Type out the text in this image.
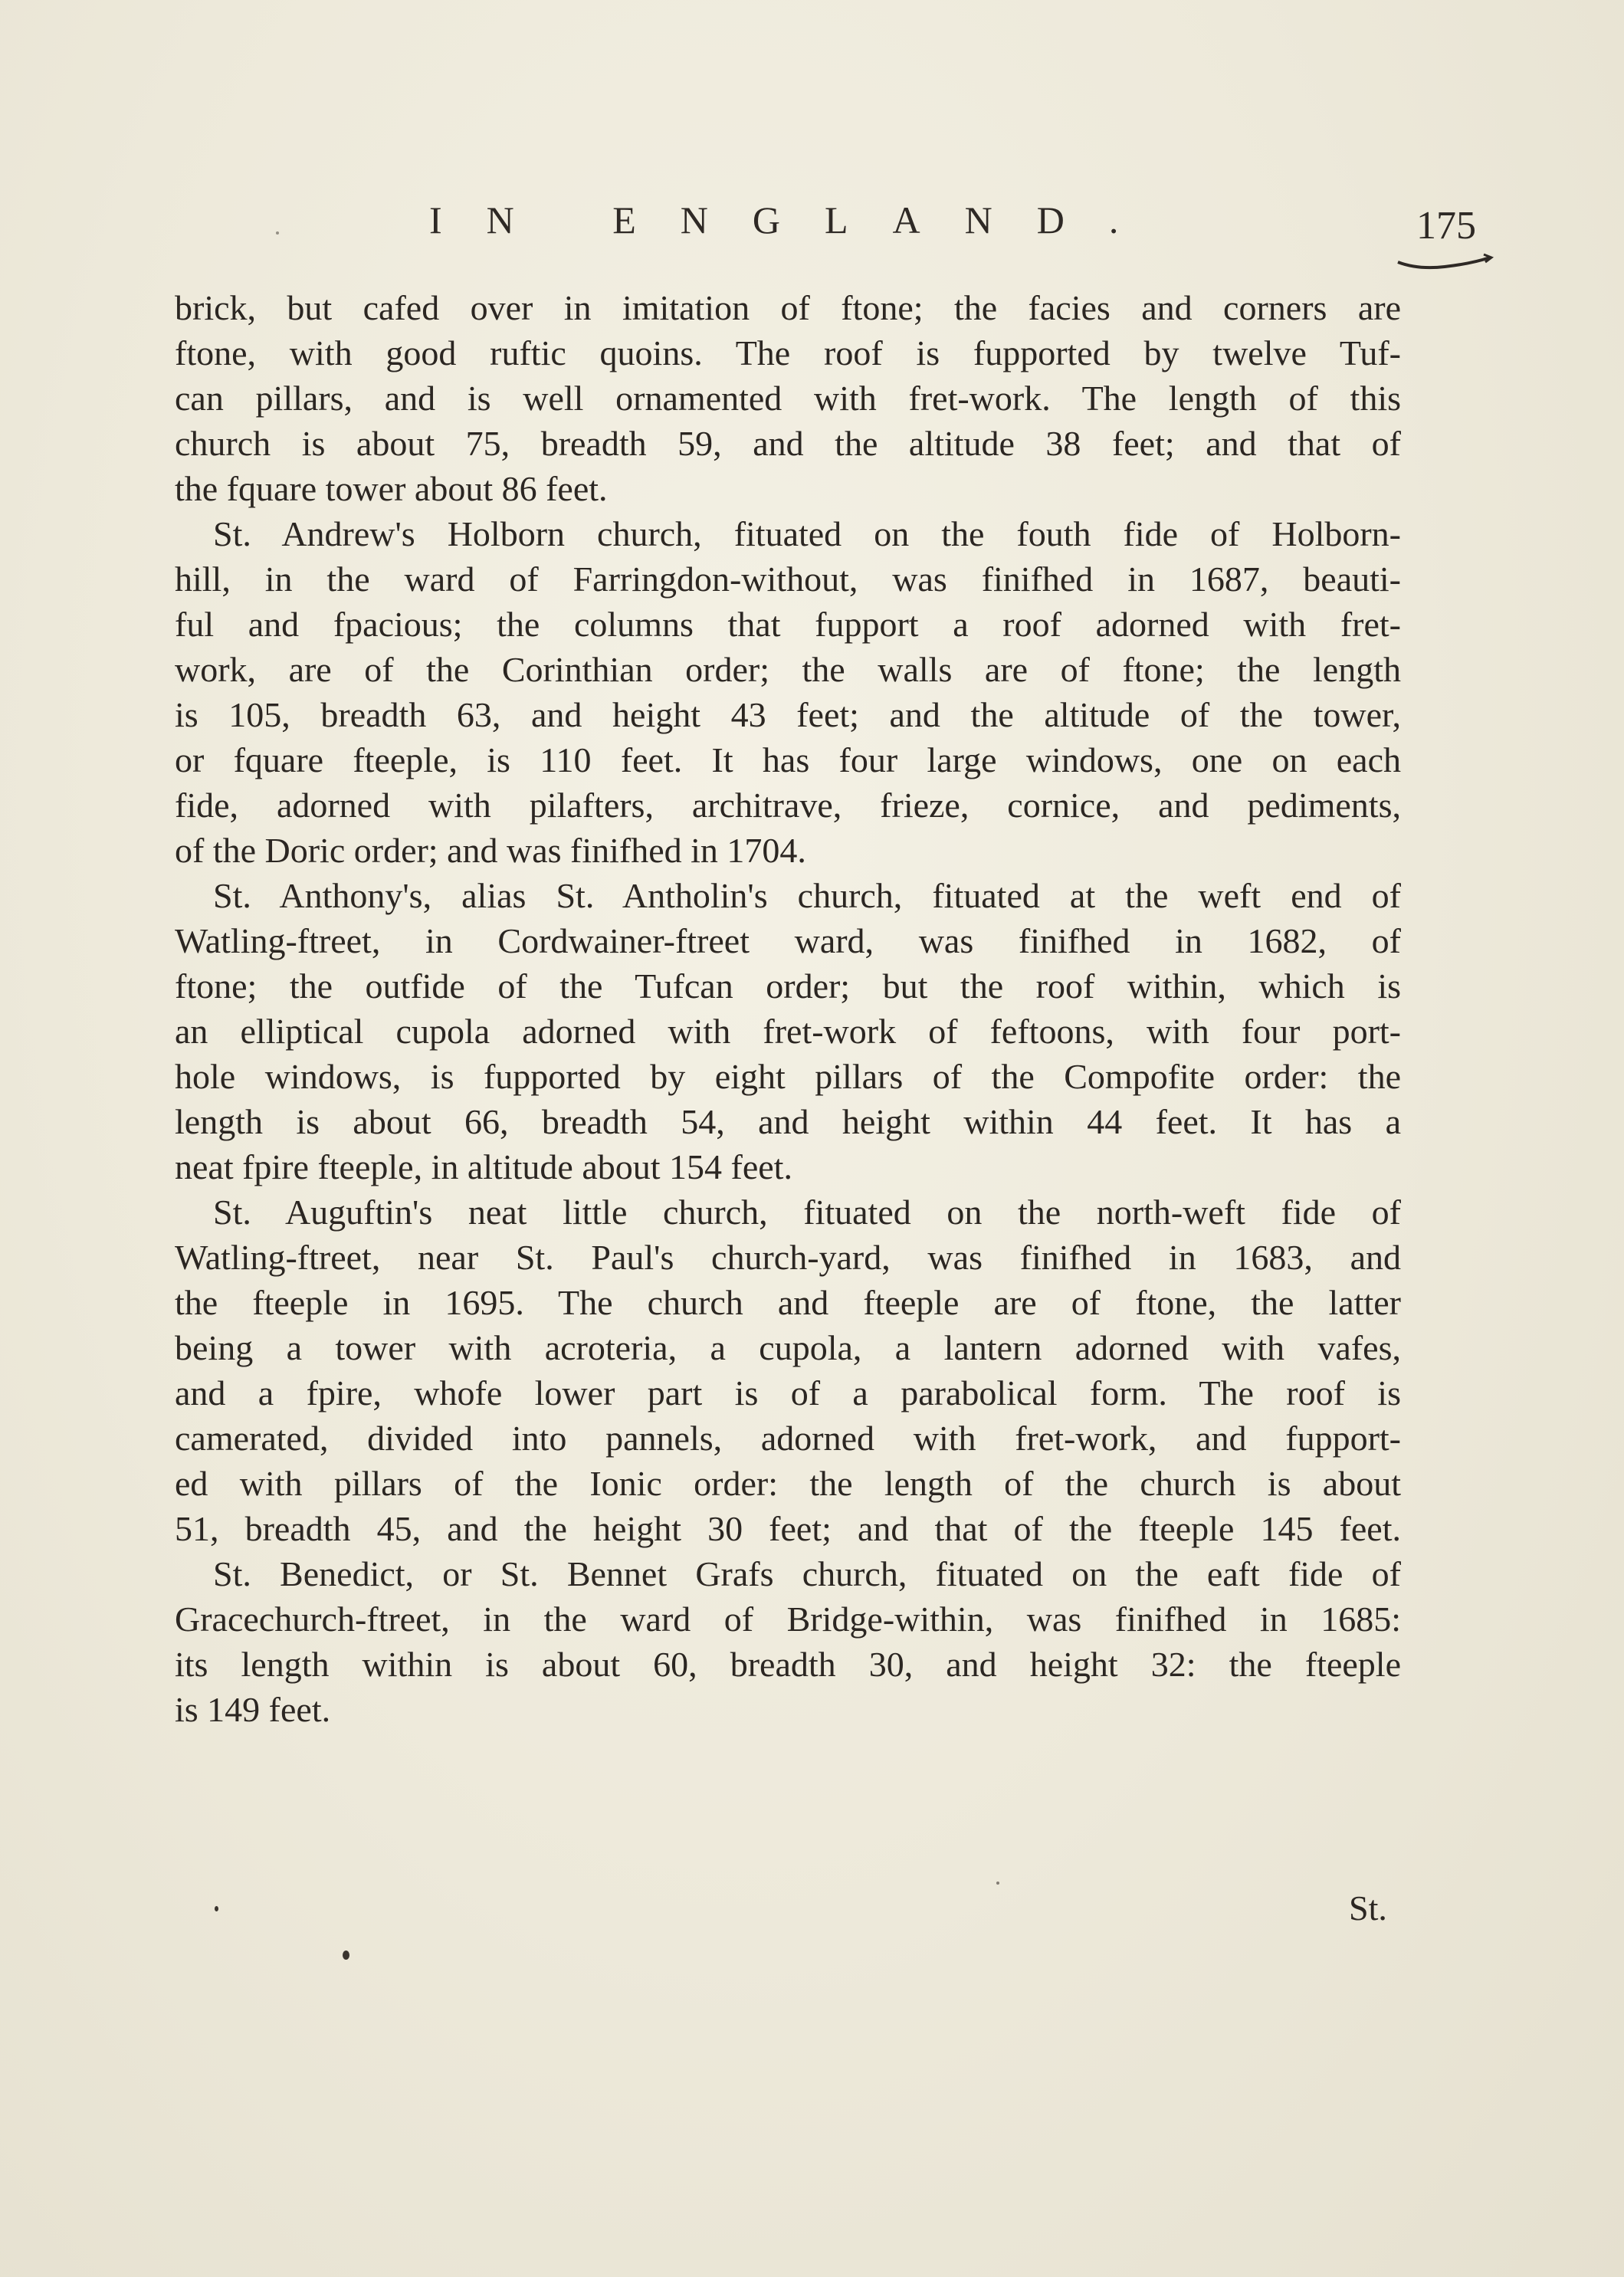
IN ENGLAND.	175
brick, but cafed over in imitation of ftone; the facies and corners are
ftone, with good ruftic quoins. The roof is fupported by twelve Tuf-
can pillars, and is well ornamented with fret-work. The length of this
church is about 75, breadth 59, and the altitude 38 feet; and that of
the fquare tower about 86 feet.
St. Andrew's Holborn church, fituated on the fouth fide of Holborn-
hill, in the ward of Farringdon-without, was finifhed in 1687, beauti-
ful and fpacious; the columns that fupport a roof adorned with fret-
work, are of the Corinthian order; the walls are of ftone; the length
is 105, breadth 63, and height 43 feet; and the altitude of the tower,
or fquare fteeple, is 110 feet. It has four large windows, one on each
fide, adorned with pilafters, architrave, frieze, cornice, and pediments,
of the Doric order; and was finifhed in 1704.
St. Anthony's, alias St. Antholin's church, fituated at the weft end of
Watling-ftreet, in Cordwainer-ftreet ward, was finifhed in 1682, of
ftone; the outfide of the Tufcan order; but the roof within, which is
an elliptical cupola adorned with fret-work of feftoons, with four port-
hole windows, is fupported by eight pillars of the Compofite order: the
length is about 66, breadth 54, and height within 44 feet. It has a
neat fpire fteeple, in altitude about 154 feet.
St. Auguftin's neat little church, fituated on the north-weft fide of
Watling-ftreet, near St. Paul's church-yard, was finifhed in 1683, and
the fteeple in 1695. The church and fteeple are of ftone, the latter
being a tower with acroteria, a cupola, a lantern adorned with vafes,
and a fpire, whofe lower part is of a parabolical form. The roof is
camerated, divided into pannels, adorned with fret-work, and fupport-
ed with pillars of the Ionic order: the length of the church is about
51, breadth 45, and the height 30 feet; and that of the fteeple 145 feet.
St. Benedict, or St. Bennet Grafs church, fituated on the eaft fide of
Gracechurch-ftreet, in the ward of Bridge-within, was finifhed in 1685:
its length within is about 60, breadth 30, and height 32: the fteeple
is 149 feet.
St.
